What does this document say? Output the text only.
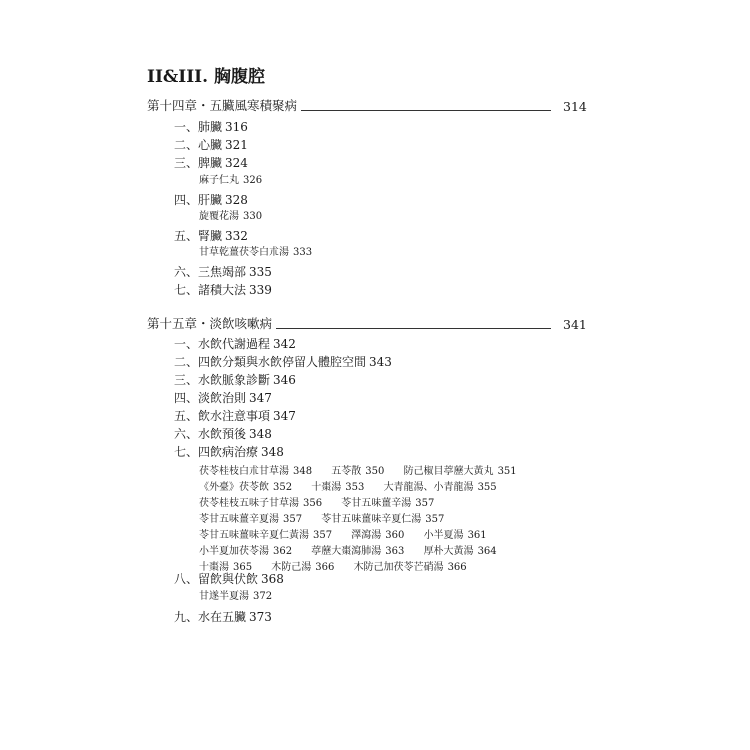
II&III. 胸腹腔
第十四章・五臟風寒積聚病	314
一、肺臟 316
二、心臟 321
三、脾臟 324
麻子仁丸 326
四、肝臟 328
旋覆花湯 330
五、腎臟 332
甘草乾薑茯苓白朮湯 333
六、三焦竭部 335
七、諸積大法 339
第十五章・淡飲咳嗽病	341
一、水飲代謝過程 342
二、四飲分類與水飲停留人體腔空間 343
三、水飲脈象診斷 346
四、淡飲治則 347
五、飲水注意事項 347
六、水飲預後 348
七、四飲病治療 348
茯苓桂枝白朮甘草湯 348 五苓散 350 防己椒目葶藶大黃丸 351 《外臺》茯苓飲 352 十棗湯 353 大青龍湯、小青龍湯 355 茯苓桂枝五味子甘草湯 356 苓甘五味薑辛湯 357 苓甘五味薑辛夏湯 357 苓甘五味薑味辛夏仁湯 357 苓甘五味薑味辛夏仁黃湯 357 澤瀉湯 360 小半夏湯 361 小半夏加茯苓湯 362 葶藶大棗瀉肺湯 363 厚朴大黃湯 364 十棗湯 365 木防己湯 366 木防己加茯苓芒硝湯 366
八、留飲與伏飲 368
甘遂半夏湯 372
九、水在五臟 373
